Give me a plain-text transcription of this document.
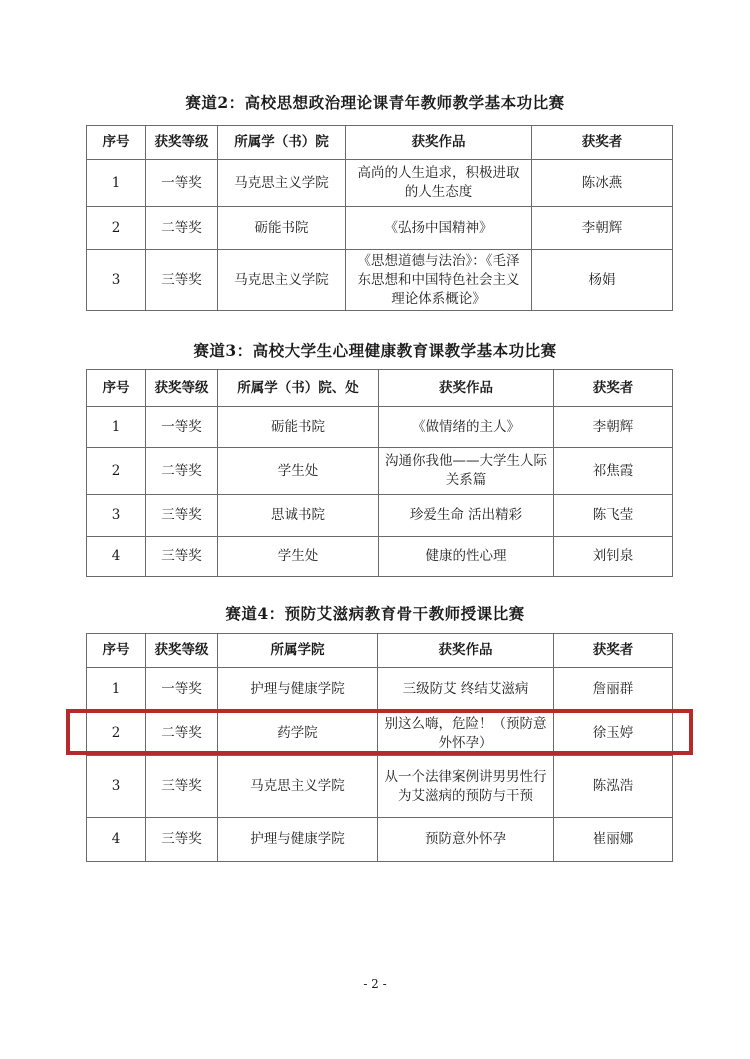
赛道2：高校思想政治理论课青年教师教学基本功比赛
序号	获奖等级	所属学（书）院	获奖作品	获奖者
1	一等奖	马克思主义学院	高尚的人生追求，积极进取的人生态度	陈冰燕
2	二等奖	砺能书院	《弘扬中国精神》	李朝辉
3	三等奖	马克思主义学院	《思想道德与法治》：《毛泽东思想和中国特色社会主义理论体系概论》	杨娟
赛道3：高校大学生心理健康教育课教学基本功比赛
序号	获奖等级	所属学（书）院、处	获奖作品	获奖者
1	一等奖	砺能书院	《做情绪的主人》	李朝辉
2	二等奖	学生处	沟通你我他——大学生人际关系篇	祁焦霞
3	三等奖	思诚书院	珍爱生命 活出精彩	陈飞莹
4	三等奖	学生处	健康的性心理	刘钊泉
赛道4：预防艾滋病教育骨干教师授课比赛
序号	获奖等级	所属学院	获奖作品	获奖者
1	一等奖	护理与健康学院	三级防艾 终结艾滋病	詹丽群
2	二等奖	药学院	别这么嗨，危险！（预防意外怀孕）	徐玉婷
3	三等奖	马克思主义学院	从一个法律案例讲男男性行为艾滋病的预防与干预	陈泓浩
4	三等奖	护理与健康学院	预防意外怀孕	崔丽娜
- 2 -
